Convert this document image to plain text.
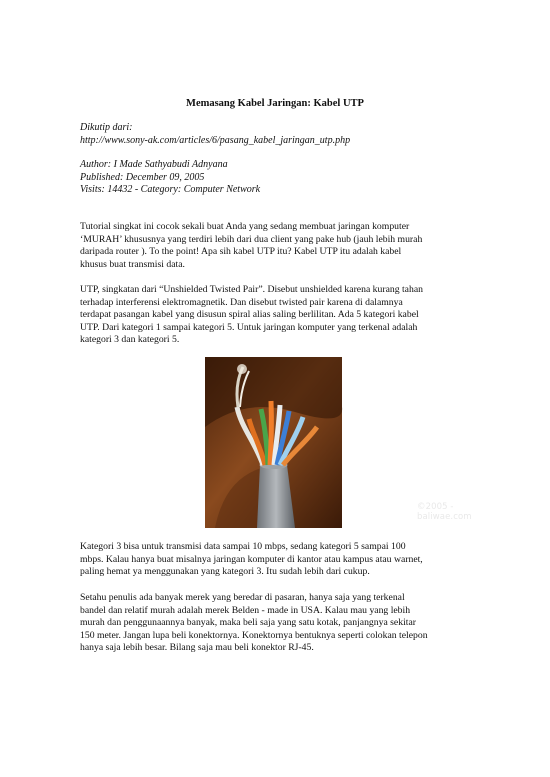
Memasang Kabel Jaringan: Kabel UTP
Dikutip dari:
http://www.sony-ak.com/articles/6/pasang_kabel_jaringan_utp.php
Author: I Made Sathyabudi Adnyana
Published: December 09, 2005
Visits: 14432 - Category: Computer Network
Tutorial singkat ini cocok sekali buat Anda yang sedang membuat jaringan komputer
‘MURAH’ khususnya yang terdiri lebih dari dua client yang pake hub (jauh lebih murah
daripada router ). To the point! Apa sih kabel UTP itu? Kabel UTP itu adalah kabel
khusus buat transmisi data.
UTP, singkatan dari “Unshielded Twisted Pair”. Disebut unshielded karena kurang tahan
terhadap interferensi elektromagnetik. Dan disebut twisted pair karena di dalamnya
terdapat pasangan kabel yang disusun spiral alias saling berlilitan. Ada 5 kategori kabel
UTP. Dari kategori 1 sampai kategori 5. Untuk jaringan komputer yang terkenal adalah
kategori 3 dan kategori 5.
©2005 - baliwae.com
Kategori 3 bisa untuk transmisi data sampai 10 mbps, sedang kategori 5 sampai 100
mbps. Kalau hanya buat misalnya jaringan komputer di kantor atau kampus atau warnet,
paling hemat ya menggunakan yang kategori 3. Itu sudah lebih dari cukup.
Setahu penulis ada banyak merek yang beredar di pasaran, hanya saja yang terkenal
bandel dan relatif murah adalah merek Belden - made in USA. Kalau mau yang lebih
murah dan penggunaannya banyak, maka beli saja yang satu kotak, panjangnya sekitar
150 meter. Jangan lupa beli konektornya. Konektornya bentuknya seperti colokan telepon
hanya saja lebih besar. Bilang saja mau beli konektor RJ-45.
